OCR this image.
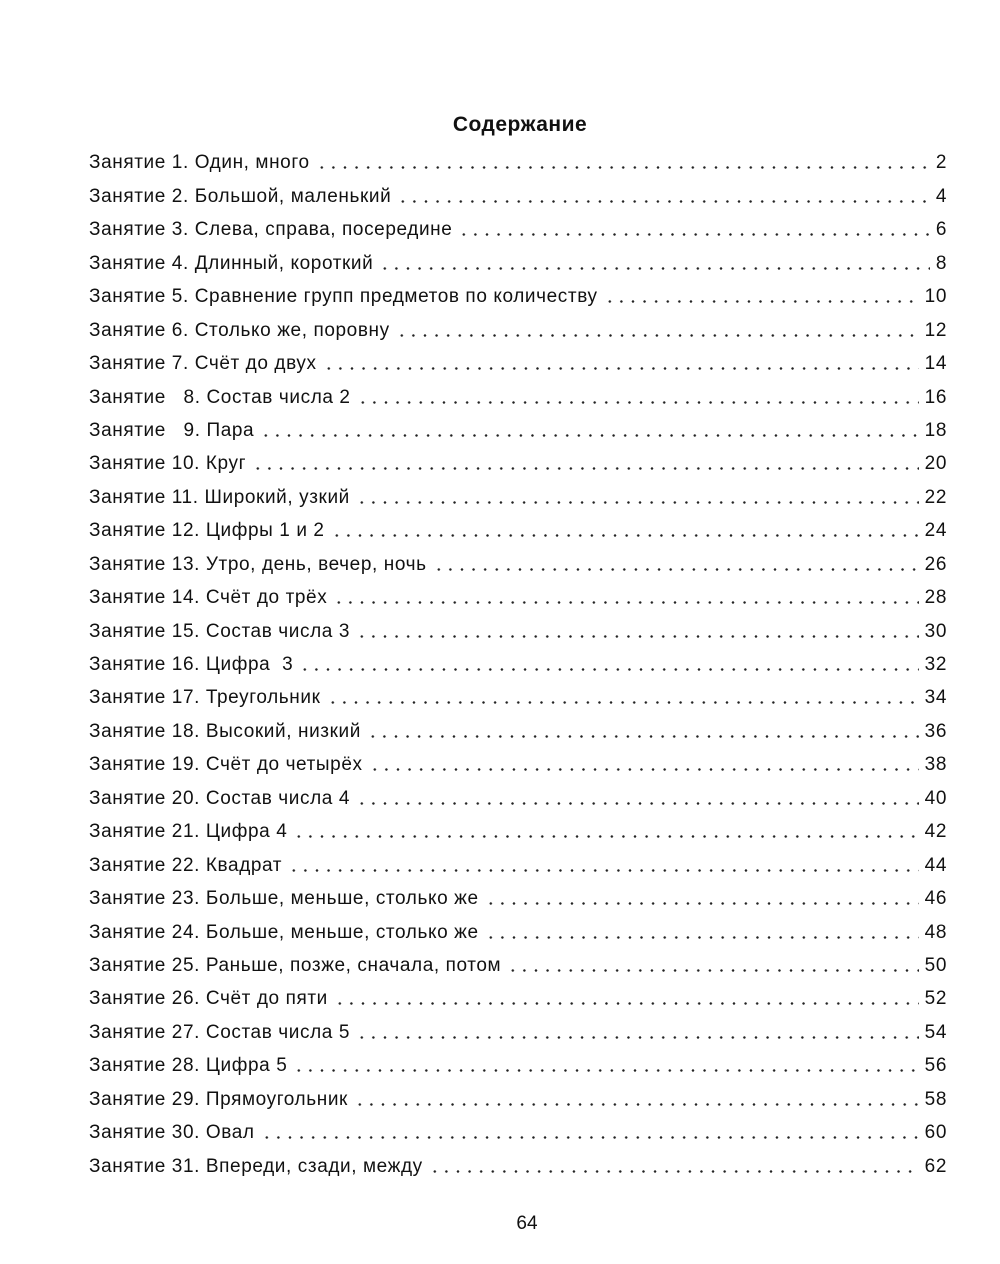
Содержание
Занятие 1. Один, много	2
Занятие 2. Большой, маленький	4
Занятие 3. Слева, справа, посередине	6
Занятие 4. Длинный, короткий	8
Занятие 5. Сравнение групп предметов по количеству	10
Занятие 6. Столько же, поровну	12
Занятие 7. Счёт до двух	14
Занятие   8. Состав числа 2	16
Занятие   9. Пара	18
Занятие 10. Круг	20
Занятие 11. Широкий, узкий	22
Занятие 12. Цифры 1 и 2	24
Занятие 13. Утро, день, вечер, ночь	26
Занятие 14. Счёт до трёх	28
Занятие 15. Состав числа 3	30
Занятие 16. Цифра  3	32
Занятие 17. Треугольник	34
Занятие 18. Высокий, низкий	36
Занятие 19. Счёт до четырёх	38
Занятие 20. Состав числа 4	40
Занятие 21. Цифра 4	42
Занятие 22. Квадрат	44
Занятие 23. Больше, меньше, столько же	46
Занятие 24. Больше, меньше, столько же	48
Занятие 25. Раньше, позже, сначала, потом	50
Занятие 26. Счёт до пяти	52
Занятие 27. Состав числа 5	54
Занятие 28. Цифра 5	56
Занятие 29. Прямоугольник	58
Занятие 30. Овал	60
Занятие 31. Впереди, сзади, между	62
64
